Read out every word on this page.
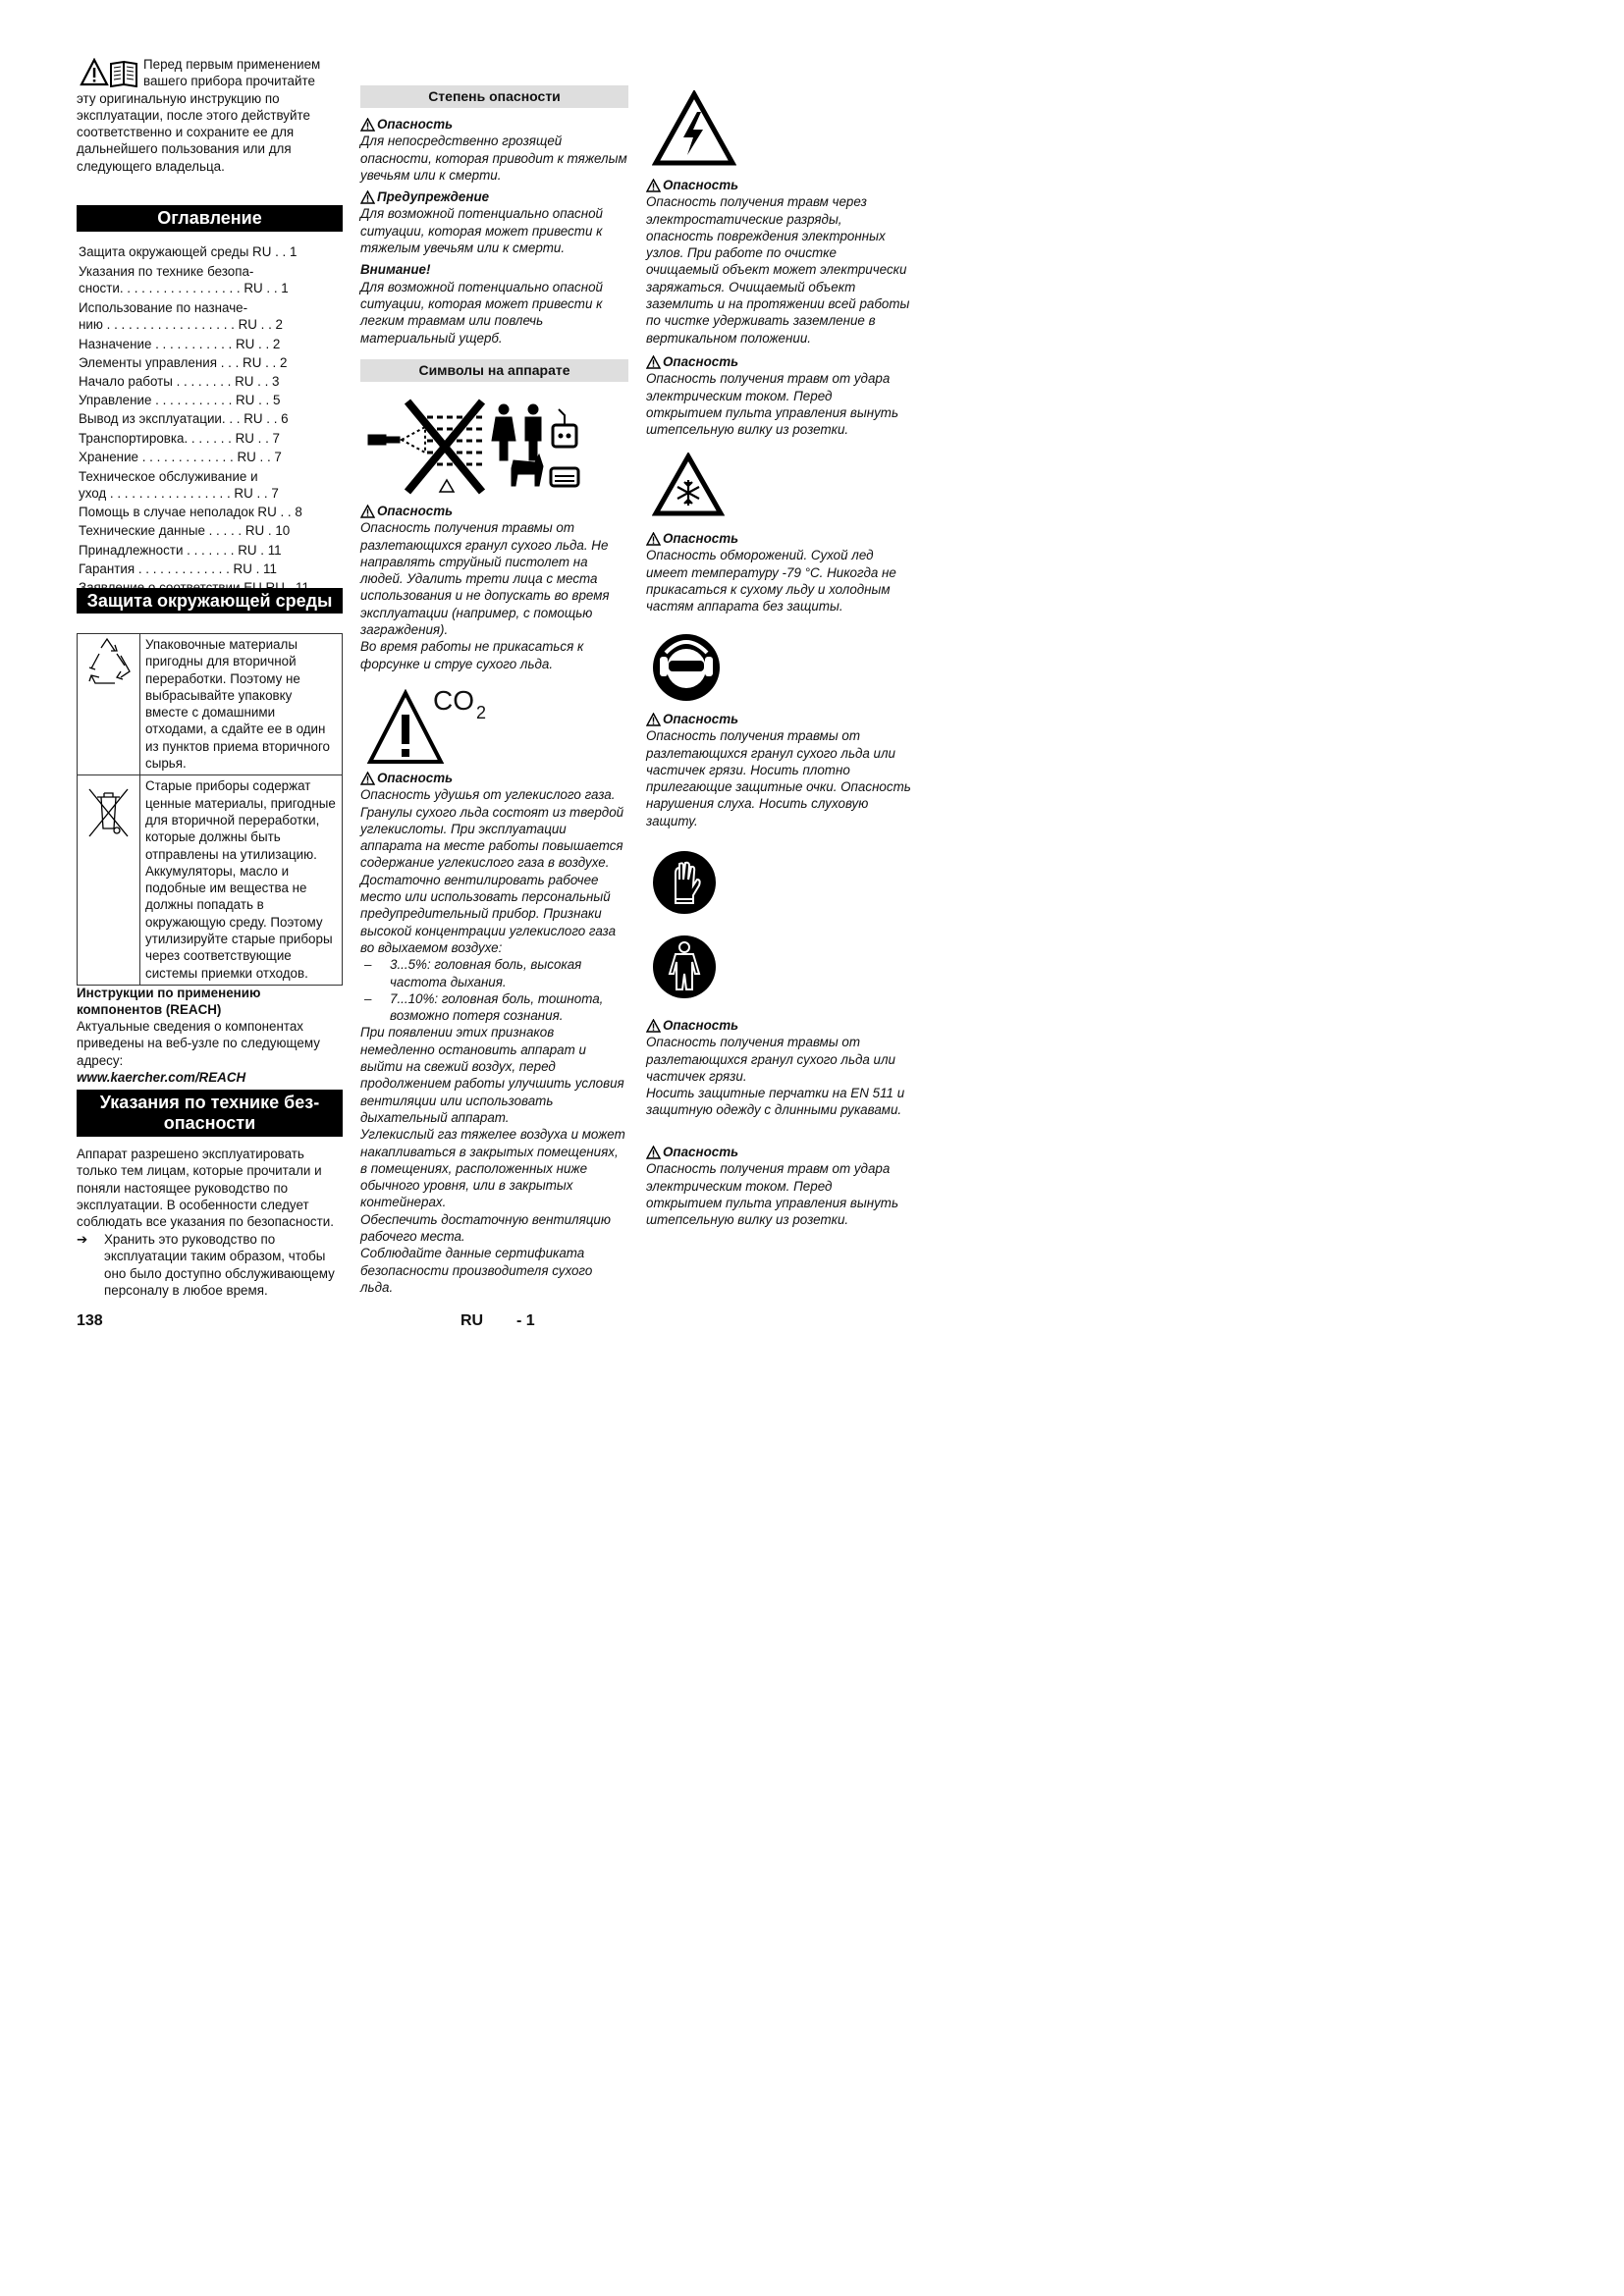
Перед первым применением
вашего прибора прочитайте
эту оригинальную инструкцию по эксплуатации, после этого действуйте соответственно и сохраните ее для дальнейшего пользования или для следующего владельца.
Оглавление
Защита окружающей среды RU . . 1
Указания по технике безопа-
сности. . . . . . . . . . . . . . . . . RU . . 1
Использование по назначе-
нию . . . . . . . . . . . . . . . . . . RU . . 2
Назначение . . . . . . . . . . . RU . . 2
Элементы управления . . . RU . . 2
Начало работы . . . . . . . . RU . . 3
Управление . . . . . . . . . . . RU . . 5
Вывод из эксплуатации. . . RU . . 6
Транспортировка. . . . . . . RU . . 7
Хранение . . . . . . . . . . . . . RU . . 7
Техническое обслуживание и
уход . . . . . . . . . . . . . . . . . RU . . 7
Помощь в случае неполадок RU . . 8
Технические данные . . . . . RU . 10
Принадлежности . . . . . . . RU . 11
Гарантия . . . . . . . . . . . . . RU . 11
Защита окружающей среды
	Упаковочные материалы пригодны для вторичной переработки. Поэтому не выбрасывайте упаковку вместе с домашними отходами, а сдайте ее в один из пунктов приема вторичного сырья.
	Старые приборы содержат ценные материалы, пригодные для вторичной переработки, которые должны быть отправлены на утилизацию. Аккумуляторы, масло и подобные им вещества не должны попадать в окружающую среду. Поэтому утилизируйте старые приборы через соответствующие системы приемки отходов.
Инструкции по применению компонентов (REACH)
Актуальные сведения о компонентах приведены на веб-узле по следующему адресу:
www.kaercher.com/REACH
Указания по технике без-
опасности
Аппарат разрешено эксплуатировать только тем лицам, которые прочитали и поняли настоящее руководство по эксплуатации. В особенности следует соблюдать все указания по безопасности.
➔	Хранить это руководство по эксплуатации таким образом, чтобы оно было доступно обслуживающему персоналу в любое время.
Степень опасности
Опасность
Для непосредственно грозящей опасности, которая приводит к тяжелым увечьям или к смерти.
Предупреждение
Для возможной потенциально опасной ситуации, которая может привести к тяжелым увечьям или к смерти.
Внимание!
Для возможной потенциально опасной ситуации, которая может привести к легким травмам или повлечь материальный ущерб.
Символы на аппарате
Опасность
Опасность получения травмы от разлетающихся гранул сухого льда. Не направлять струйный пистолет на людей. Удалить трети лица с места использования и не допускать во время эксплуатации (например, с помощью заграждения).
Во время работы не прикасаться к форсунке и струе сухого льда.
CO 2
Опасность
Опасность удушья от углекислого газа. Гранулы сухого льда состоят из твердой углекислоты. При эксплуатации аппарата на месте работы повышается содержание углекислого газа в воздухе. Достаточно вентилировать рабочее место или использовать персональный предупредительный прибор. Признаки высокой концентрации углекислого газа во вдыхаемом воздухе:
–	3...5%: головная боль, высокая частота дыхания.
–	7...10%: головная боль, тошнота, возможно потеря сознания.
При появлении этих признаков немедленно остановить аппарат и выйти на свежий воздух, перед продолжением работы улучшить условия вентиляции или использовать дыхательный аппарат.
Углекислый газ тяжелее воздуха и может накапливаться в закрытых помещениях, в помещениях, расположенных ниже обычного уровня, или в закрытых контейнерах.
Обеспечить достаточную вентиляцию рабочего места.
Соблюдайте данные сертификата безопасности производителя сухого льда.
Опасность
Опасность получения травм через электростатические разряды, опасность повреждения электронных узлов. При работе по очистке очищаемый объект может электрически заряжаться. Очищаемый объект заземлить и на протяжении всей работы по чистке удерживать заземление в вертикальном положении.
Опасность
Опасность получения травм от удара электрическим током. Перед открытием пульта управления вынуть штепсельную вилку из розетки.
Опасность
Опасность обморожений. Сухой лед имеет температуру -79 °C. Никогда не прикасаться к сухому льду и холодным частям аппарата без защиты.
Опасность
Опасность получения травмы от разлетающихся гранул сухого льда или частичек грязи. Носить плотно прилегающие защитные очки. Опасность нарушения слуха. Носить слуховую защиту.
Опасность
Опасность получения травмы от разлетающихся гранул сухого льда или частичек грязи.
Носить защитные перчатки на EN 511 и защитную одежду с длинными рукавами.
Опасность
Опасность получения травм от удара электрическим током. Перед открытием пульта управления вынуть штепсельную вилку из розетки.
138	RU - 1
